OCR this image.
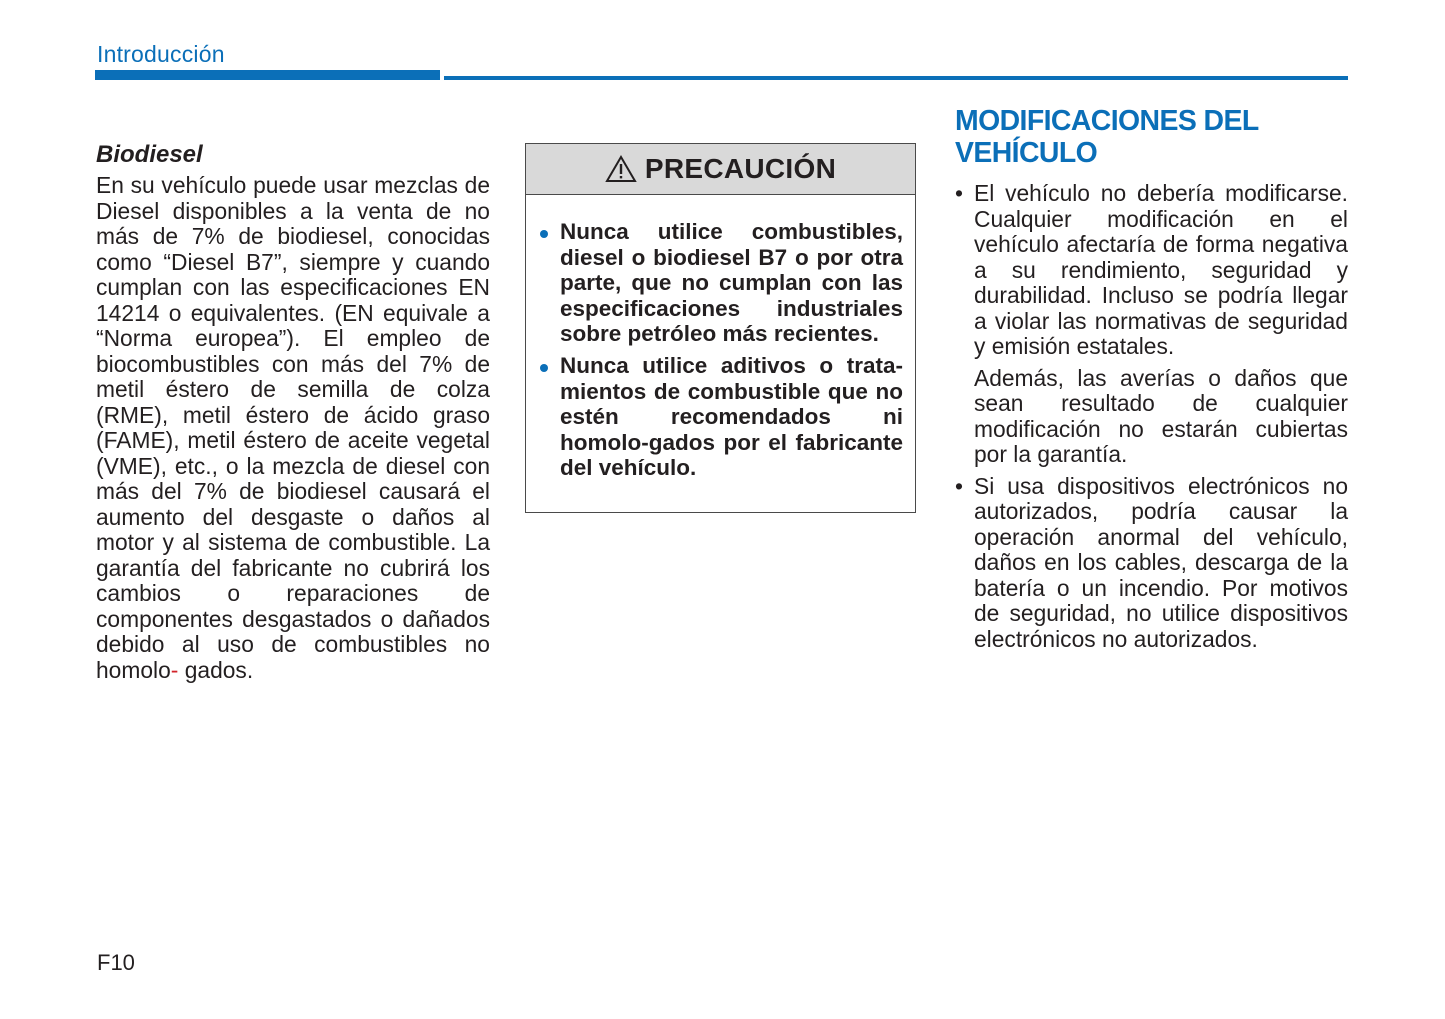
Introducción
Biodiesel

En su vehículo puede usar mezclas de Diesel disponibles a la venta de no más de 7% de biodiesel, conocidas como “Diesel B7”, siempre y cuando cumplan con las especificaciones EN 14214 o equivalentes. (EN equivale a “Norma europea”). El empleo de biocombustibles con más del 7% de metil éstero de semilla de colza (RME), metil éstero de ácido graso (FAME), metil éstero de aceite vegetal (VME), etc., o la mezcla de diesel con más del 7% de biodiesel causará el aumento del desgaste o daños al motor y al sistema de combustible. La garantía del fabricante no cubrirá los cambios o reparaciones de componentes desgastados o dañados debido al uso de combustibles no homolo- gados.

PRECAUCIÓN
Nunca utilice combustibles, diesel o biodiesel B7 o por otra parte, que no cumplan con las especificaciones industriales sobre petróleo más recientes.
Nunca utilice aditivos o trata-mientos de combustible que no estén recomendados ni homolo-gados por el fabricante del vehículo.
MODIFICACIONES DEL VEHÍCULO
• El vehículo no debería modificarse. Cualquier modificación en el vehículo afectaría de forma negativa a su rendimiento, seguridad y durabilidad. Incluso se podría llegar a violar las normativas de seguridad y emisión estatales.

Además, las averías o daños que sean resultado de cualquier modificación no estarán cubiertas por la garantía.

• Si usa dispositivos electrónicos no autorizados, podría causar la operación anormal del vehículo, daños en los cables, descarga de la batería o un incendio. Por motivos de seguridad, no utilice dispositivos electrónicos no autorizados.

F10
